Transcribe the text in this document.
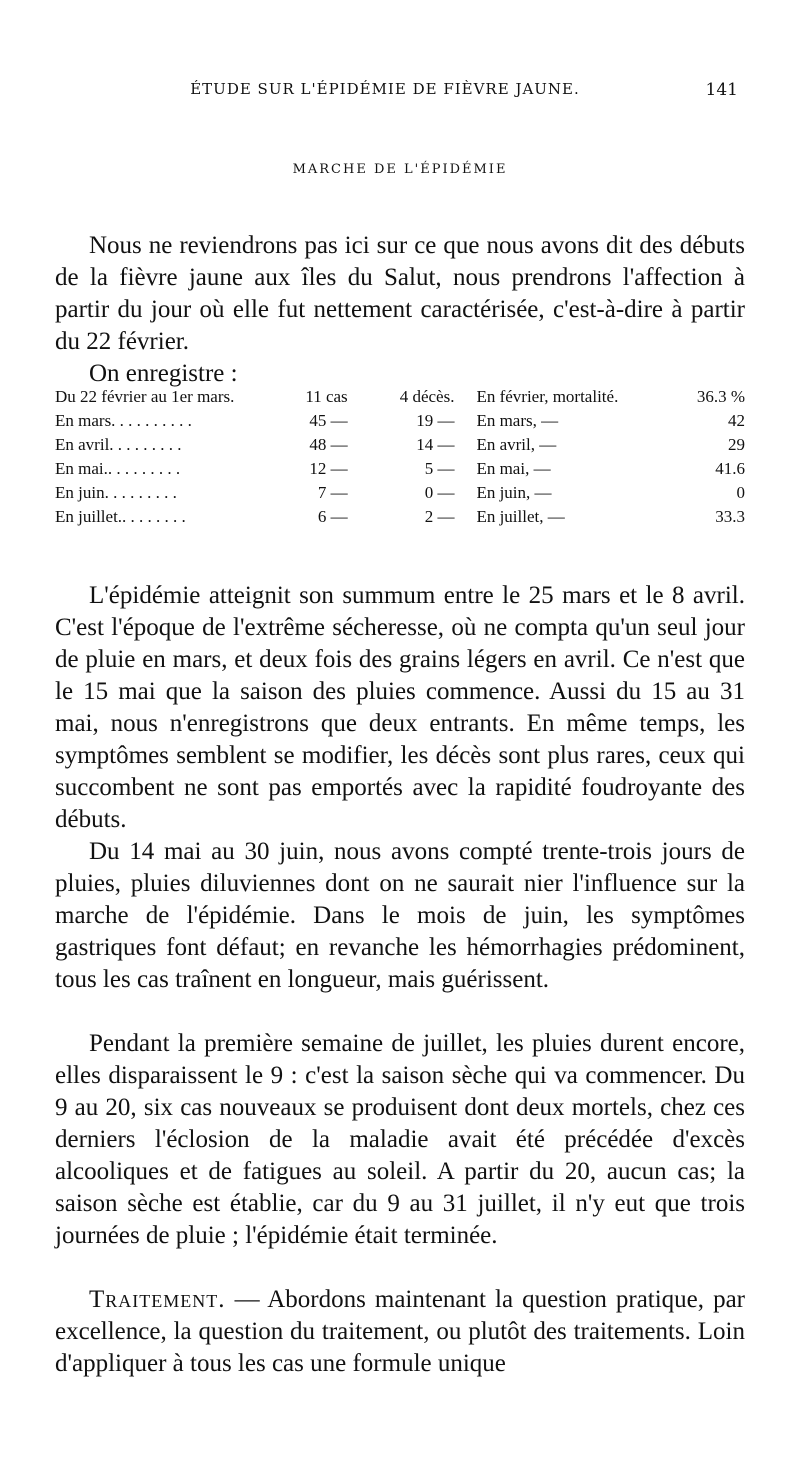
ÉTUDE SUR L'ÉPIDÉMIE DE FIÈVRE JAUNE.	141
MARCHE DE L'ÉPIDÉMIE

Nous ne reviendrons pas ici sur ce que nous avons dit des débuts de la fièvre jaune aux îles du Salut, nous prendrons l'affection à partir du jour où elle fut nettement caractérisée, c'est-à-dire à partir du 22 février.

On enregistre :

Du 22 février au 1er mars.	11 cas	4 décès.	En février, mortalité.	36.3 %
En mars. . . . . . . . . .	45 —	19 —	En mars, —	42
En avril. . . . . . . . .	48 —	14 —	En avril, —	29
En mai.. . . . . . . . .	12 —	5 —	En mai, —	41.6
En juin. . . . . . . . .	7 —	0 —	En juin, —	0
En juillet.. . . . . . . .	6 —	2 —	En juillet, —	33.3

L'épidémie atteignit son summum entre le 25 mars et le 8 avril. C'est l'époque de l'extrême sécheresse, où ne compta qu'un seul jour de pluie en mars, et deux fois des grains légers en avril. Ce n'est que le 15 mai que la saison des pluies commence. Aussi du 15 au 31 mai, nous n'enregistrons que deux entrants. En même temps, les symptômes semblent se modifier, les décès sont plus rares, ceux qui succombent ne sont pas emportés avec la rapidité foudroyante des débuts.

Du 14 mai au 30 juin, nous avons compté trente-trois jours de pluies, pluies diluviennes dont on ne saurait nier l'influence sur la marche de l'épidémie. Dans le mois de juin, les symptômes gastriques font défaut; en revanche les hémorrhagies prédominent, tous les cas traînent en longueur, mais guérissent.

Pendant la première semaine de juillet, les pluies durent encore, elles disparaissent le 9 : c'est la saison sèche qui va commencer. Du 9 au 20, six cas nouveaux se produisent dont deux mortels, chez ces derniers l'éclosion de la maladie avait été précédée d'excès alcooliques et de fatigues au soleil. A partir du 20, aucun cas; la saison sèche est établie, car du 9 au 31 juillet, il n'y eut que trois journées de pluie ; l'épidémie était terminée.

Traitement. — Abordons maintenant la question pratique, par excellence, la question du traitement, ou plutôt des traitements. Loin d'appliquer à tous les cas une formule unique
